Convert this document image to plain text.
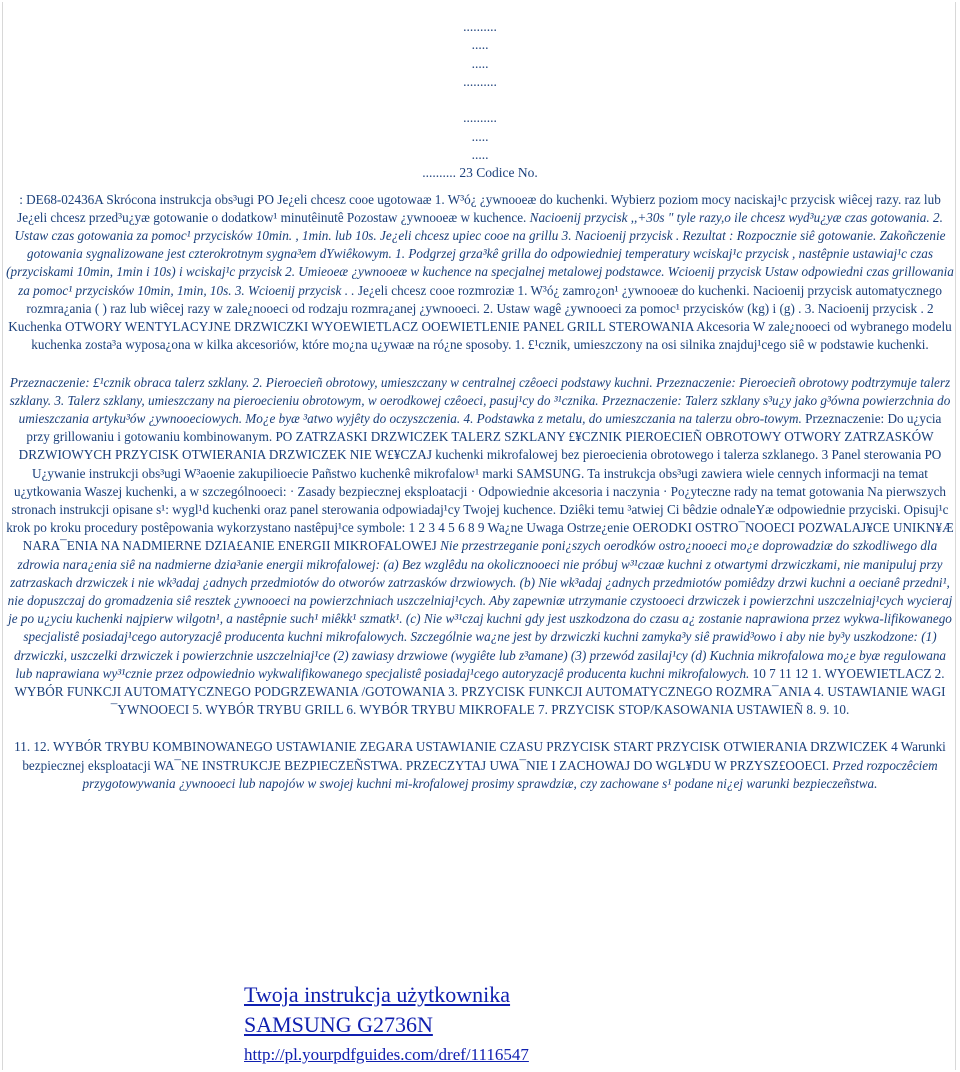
..........
.....
.....
..........
..........
.....
.....
.......... 23 Codice No.

: DE68-02436A Skrócona instrukcja obs³ugi PO Je¿eli chcesz cooe ugotowaæ 1. W³ó¿ ¿ywnooeæ do kuchenki. Wybierz poziom mocy naciskaj¹c przycisk wiêcej razy. raz lub Je¿eli chcesz przed³u¿yæ gotowanie o dodatkow¹ minutêinutê Pozostaw ¿ywnooeæ w kuchence. Nacioenij przycisk ,,+30s " tyle razy,o ile chcesz wyd³u¿yæ czas gotowania. 2. Ustaw czas gotowania za pomoc¹ przycisków 10min. , 1min. lub 10s. Je¿eli chcesz upiec cooe na grillu 3. Nacioenij przycisk . Rezultat : Rozpocznie siê gotowanie. Zakoñczenie gotowania sygnalizowane jest czterokrotnym sygna³em dYwiêkowym. 1. Podgrzej grza³kê grilla do odpowiedniej temperatury wciskaj¹c przycisk , nastêpnie ustawiaj¹c czas (przyciskami 10min, 1min i 10s) i wciskaj¹c przycisk 2. Umieoeæ ¿ywnooeæ w kuchence na specjalnej metalowej podstawce. Wcioenij przycisk Ustaw odpowiedni czas grillowania za pomoc¹ przycisków 10min, 1min, 10s. 3. Wcioenij przycisk . . Je¿eli chcesz cooe rozmroziæ 1. W³ó¿ zamro¿on¹ ¿ywnooeæ do kuchenki. Nacioenij przycisk automatycznego rozmra¿ania ( ) raz lub wiêcej razy w zale¿nooeci od rodzaju rozmra¿anej ¿ywnooeci. 2. Ustaw wagê ¿ywnooeci za pomoc¹ przycisków (kg) i (g) . 3. Nacioenij przycisk . 2 Kuchenka OTWORY WENTYLACYJNE DRZWICZKI WYOEWIETLACZ OOEWIETLENIE PANEL GRILL STEROWANIA Akcesoria W zale¿nooeci od wybranego modelu kuchenka zosta³a wyposa¿ona w kilka akcesoriów, które mo¿na u¿ywaæ na ró¿ne sposoby. 1. £¹cznik, umieszczony na osi silnika znajduj¹cego siê w podstawie kuchenki.

Przeznaczenie: £¹cznik obraca talerz szklany. 2. Pieroecieñ obrotowy, umieszczany w centralnej czêoeci podstawy kuchni. Przeznaczenie: Pieroecieñ obrotowy podtrzymuje talerz szklany. 3. Talerz szklany, umieszczany na pieroecieniu obrotowym, w oerodkowej czêoeci, pasuj¹cy do ³¹cznika. Przeznaczenie: Talerz szklany s³u¿y jako g³ówna powierzchnia do umieszczania artyku³ów ¿ywnooeciowych. Mo¿e byæ ³atwo wyjêty do oczyszczenia. 4. Podstawka z metalu, do umieszczania na talerzu obro-towym. Przeznaczenie: Do u¿ycia przy grillowaniu i gotowaniu kombinowanym. PO ZATRZASKI DRZWICZEK TALERZ SZKLANY £¥CZNIK PIEROECIEÑ OBROTOWY OTWORY ZATRZASKÓW DRZWIOWYCH PRZYCISK OTWIERANIA DRZWICZEK NIE W£¥CZAJ kuchenki mikrofalowej bez pieroecienia obrotowego i talerza szklanego. 3 Panel sterowania PO U¿ywanie instrukcji obs³ugi W³aoenie zakupilioecie Pañstwo kuchenkê mikrofalow¹ marki SAMSUNG. Ta instrukcja obs³ugi zawiera wiele cennych informacji na temat u¿ytkowania Waszej kuchenki, a w szczególnooeci: · Zasady bezpiecznej eksploatacji · Odpowiednie akcesoria i naczynia · Po¿yteczne rady na temat gotowania Na pierwszych stronach instrukcji opisane s¹: wygl¹d kuchenki oraz panel sterowania odpowiadaj¹cy Twojej kuchence. Dziêki temu ³atwiej Ci bêdzie odnaleYæ odpowiednie przyciski. Opisuj¹c krok po kroku procedury postêpowania wykorzystano nastêpuj¹ce symbole: 1 2 3 4 5 6 8 9 Wa¿ne Uwaga Ostrze¿enie OERODKI OSTRO¯NOOECI POZWALAJ¥CE UNIKN¥Æ NARA¯ENIA NA NADMIERNE DZIA£ANIE ENERGII MIKROFALOWEJ Nie przestrzeganie poni¿szych oerodków ostro¿nooeci mo¿e doprowadziæ do szkodliwego dla zdrowia nara¿enia siê na nadmierne dzia³anie energii mikrofalowej: (a) Bez wzglêdu na okolicznooeci nie próbuj w³¹czaæ kuchni z otwartymi drzwiczkami, nie manipuluj przy zatrzaskach drzwiczek i nie wk³adaj ¿adnych przedmiotów do otworów zatrzasków drzwiowych. (b) Nie wk³adaj ¿adnych przedmiotów pomiêdzy drzwi kuchni a oecianê przedni¹, nie dopuszczaj do gromadzenia siê resztek ¿ywnooeci na powierzchniach uszczelniaj¹cych. Aby zapewniæ utrzymanie czystooeci drzwiczek i powierzchni uszczelniaj¹cych wycieraj je po u¿yciu kuchenki najpierw wilgotn¹, a nastêpnie such¹ miêkk¹ szmatk¹. (c) Nie w³¹czaj kuchni gdy jest uszkodzona do czasu a¿ zostanie naprawiona przez wykwa-lifikowanego specjalistê posiadaj¹cego autoryzacjê producenta kuchni mikrofalowych. Szczególnie wa¿ne jest by drzwiczki kuchni zamyka³y siê prawid³owo i aby nie by³y uszkodzone: (1) drzwiczki, uszczelki drzwiczek i powierzchnie uszczelniaj¹ce (2) zawiasy drzwiowe (wygiête lub z³amane) (3) przewód zasilaj¹cy (d) Kuchnia mikrofalowa mo¿e byæ regulowana lub naprawiana wy³¹cznie przez odpowiednio wykwalifikowanego specjalistê posiadaj¹cego autoryzacjê producenta kuchni mikrofalowych. 10 7 11 12 1. WYOEWIETLACZ 2. WYBÓR FUNKCJI AUTOMATYCZNEGO PODGRZEWANIA /GOTOWANIA 3. PRZYCISK FUNKCJI AUTOMATYCZNEGO ROZMRA¯ANIA 4. USTAWIANIE WAGI ¯YWNOOECI 5. WYBÓR TRYBU GRILL 6. WYBÓR TRYBU MIKROFALE 7. PRZYCISK STOP/KASOWANIA USTAWIEÑ 8. 9. 10.

11. 12. WYBÓR TRYBU KOMBINOWANEGO USTAWIANIE ZEGARA USTAWIANIE CZASU PRZYCISK START PRZYCISK OTWIERANIA DRZWICZEK 4 Warunki bezpiecznej eksploatacji WA¯NE INSTRUKCJE BEZPIECZEÑSTWA. PRZECZYTAJ UWA¯NIE I ZACHOWAJ DO WGL¥DU W PRZYSZ£OOECI. Przed rozpoczêciem przygotowywania ¿ywnooeci lub napojów w swojej kuchni mi-krofalowej prosimy sprawdziæ, czy zachowane s¹ podane ni¿ej warunki bezpieczeñstwa.

Twoja instrukcja użytkownika
SAMSUNG G2736N
http://pl.yourpdfguides.com/dref/1116547
